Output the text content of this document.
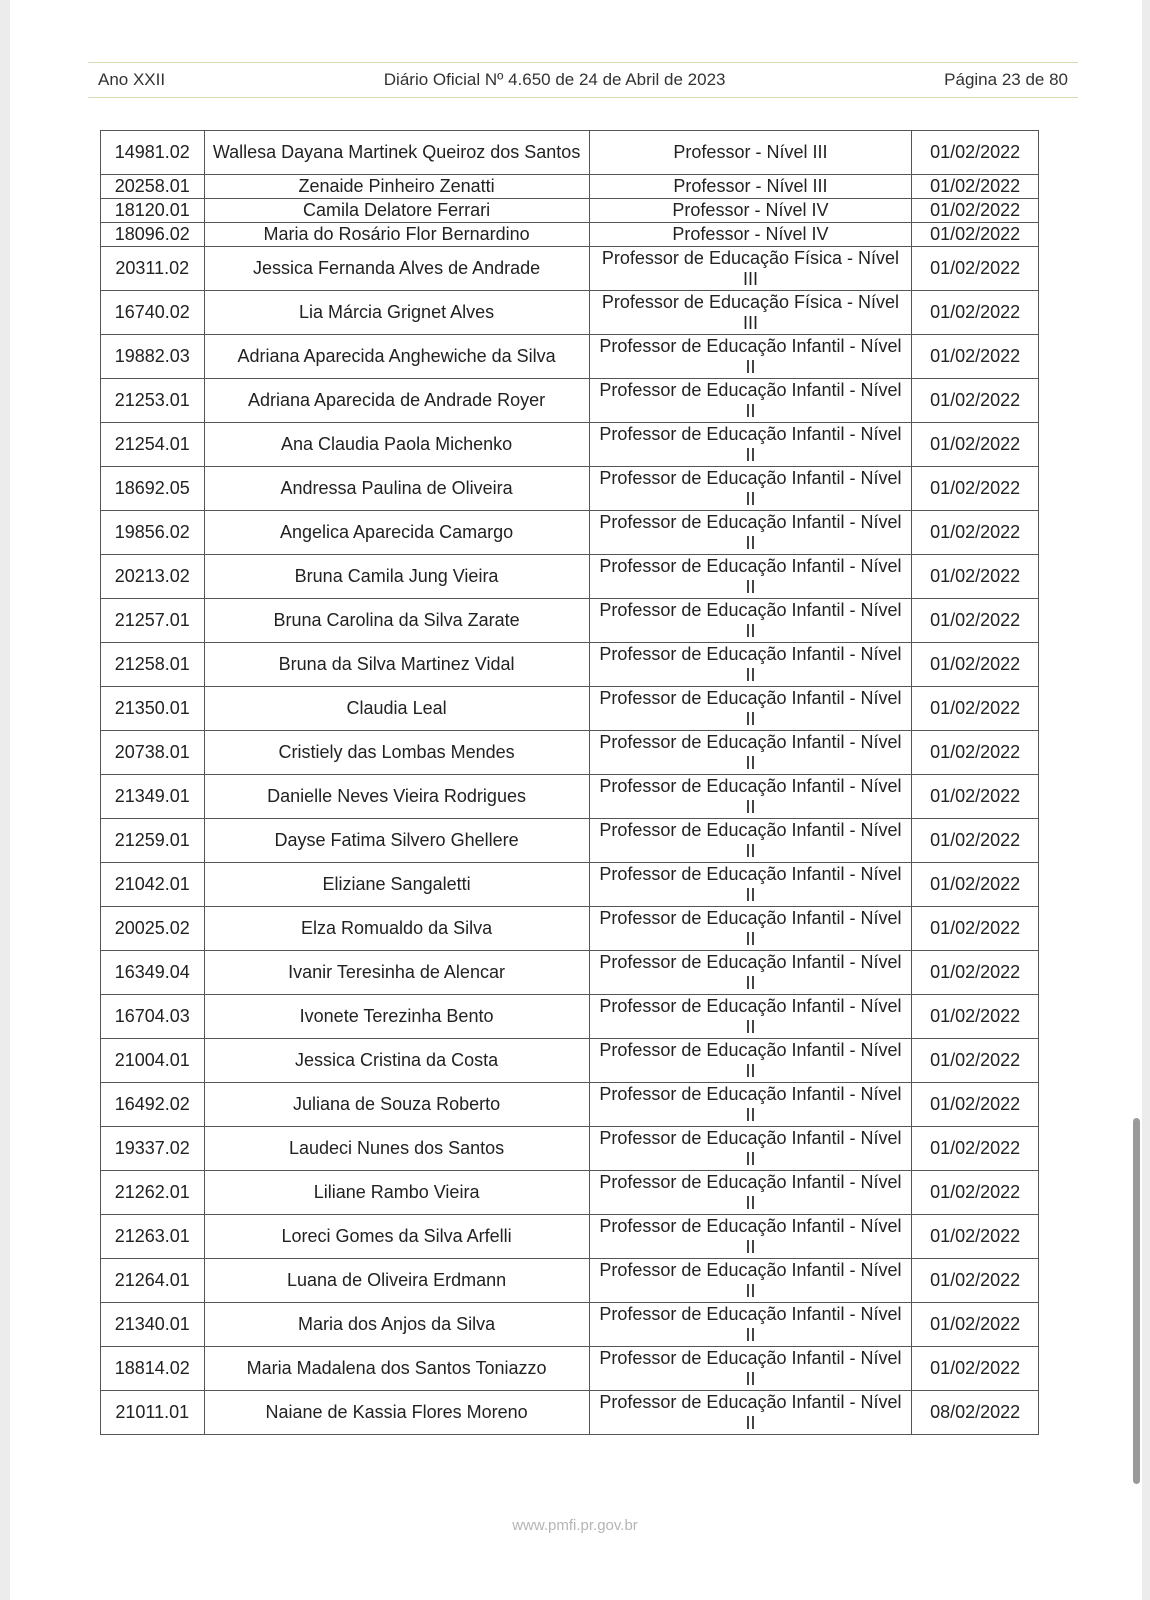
Ano XXII	Diário Oficial Nº 4.650 de 24 de Abril de 2023	Página 23 de 80
14981.02	Wallesa Dayana Martinek Queiroz dos Santos	Professor - Nível III	01/02/2022
20258.01	Zenaide Pinheiro Zenatti	Professor - Nível III	01/02/2022
18120.01	Camila Delatore Ferrari	Professor - Nível IV	01/02/2022
18096.02	Maria do Rosário Flor Bernardino	Professor - Nível IV	01/02/2022
20311.02	Jessica Fernanda Alves de Andrade	Professor de Educação Física - Nível III	01/02/2022
16740.02	Lia Márcia Grignet Alves	Professor de Educação Física - Nível III	01/02/2022
19882.03	Adriana Aparecida Anghewiche da Silva	Professor de Educação Infantil - Nível II	01/02/2022
21253.01	Adriana Aparecida de Andrade Royer	Professor de Educação Infantil - Nível II	01/02/2022
21254.01	Ana Claudia Paola Michenko	Professor de Educação Infantil - Nível II	01/02/2022
18692.05	Andressa Paulina de Oliveira	Professor de Educação Infantil - Nível II	01/02/2022
19856.02	Angelica Aparecida Camargo	Professor de Educação Infantil - Nível II	01/02/2022
20213.02	Bruna Camila Jung Vieira	Professor de Educação Infantil - Nível II	01/02/2022
21257.01	Bruna Carolina da Silva Zarate	Professor de Educação Infantil - Nível II	01/02/2022
21258.01	Bruna da Silva Martinez Vidal	Professor de Educação Infantil - Nível II	01/02/2022
21350.01	Claudia Leal	Professor de Educação Infantil - Nível II	01/02/2022
20738.01	Cristiely das Lombas Mendes	Professor de Educação Infantil - Nível II	01/02/2022
21349.01	Danielle Neves Vieira Rodrigues	Professor de Educação Infantil - Nível II	01/02/2022
21259.01	Dayse Fatima Silvero Ghellere	Professor de Educação Infantil - Nível II	01/02/2022
21042.01	Eliziane Sangaletti	Professor de Educação Infantil - Nível II	01/02/2022
20025.02	Elza Romualdo da Silva	Professor de Educação Infantil - Nível II	01/02/2022
16349.04	Ivanir Teresinha de Alencar	Professor de Educação Infantil - Nível II	01/02/2022
16704.03	Ivonete Terezinha Bento	Professor de Educação Infantil - Nível II	01/02/2022
21004.01	Jessica Cristina da Costa	Professor de Educação Infantil - Nível II	01/02/2022
16492.02	Juliana de Souza Roberto	Professor de Educação Infantil - Nível II	01/02/2022
19337.02	Laudeci Nunes dos Santos	Professor de Educação Infantil - Nível II	01/02/2022
21262.01	Liliane Rambo Vieira	Professor de Educação Infantil - Nível II	01/02/2022
21263.01	Loreci Gomes da Silva Arfelli	Professor de Educação Infantil - Nível II	01/02/2022
21264.01	Luana de Oliveira Erdmann	Professor de Educação Infantil - Nível II	01/02/2022
21340.01	Maria dos Anjos da Silva	Professor de Educação Infantil - Nível II	01/02/2022
18814.02	Maria Madalena dos Santos Toniazzo	Professor de Educação Infantil - Nível II	01/02/2022
21011.01	Naiane de Kassia Flores Moreno	Professor de Educação Infantil - Nível II	08/02/2022
www.pmfi.pr.gov.br
